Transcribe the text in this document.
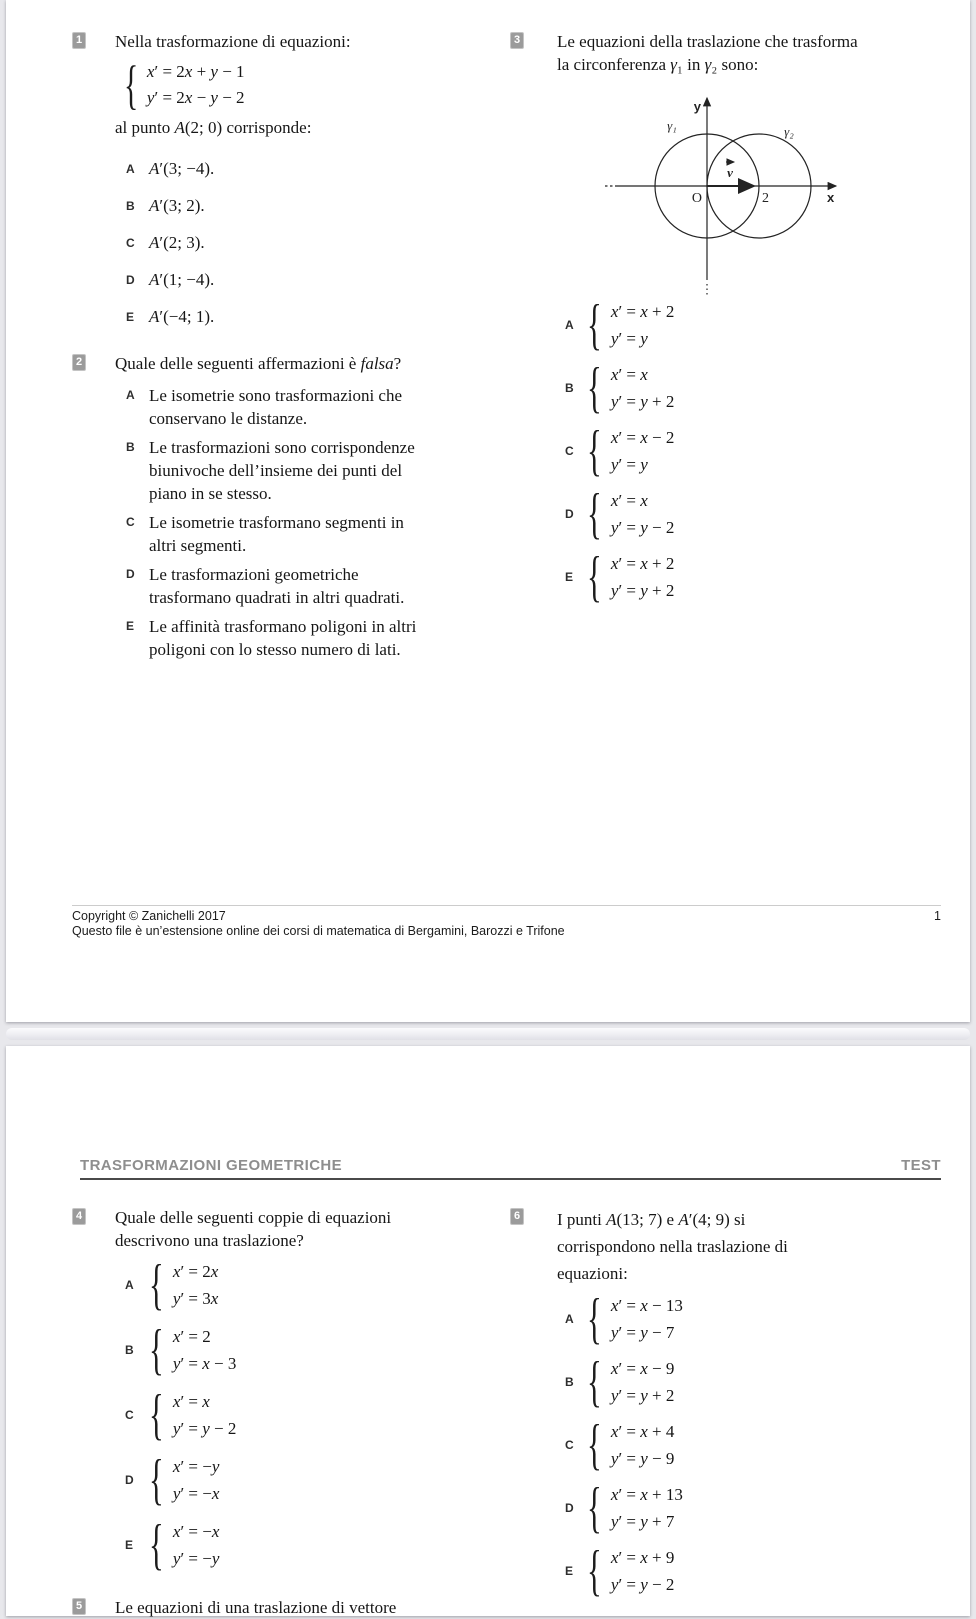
1 Nella trasformazione di equazioni:
{
x′ = 2x + y − 1
y′ = 2x − y − 2
al punto A(2; 0) corrisponde:
A A′(3; −4).
B A′(3; 2).
C A′(2; 3).
D A′(1; −4).
E A′(−4; 1).
2 Quale delle seguenti affermazioni è falsa?
A Le isometrie sono trasformazioni che
conservano le distanze.
B Le trasformazioni sono corrispondenze
biunivoche dell’insieme dei punti del
piano in se stesso.
C Le isometrie trasformano segmenti in
altri segmenti.
D Le trasformazioni geometriche
trasformano quadrati in altri quadrati.
E Le affinità trasformano poligoni in altri
poligoni con lo stesso numero di lati.
3 Le equazioni della traslazione che trasforma
la circonferenza γ₁ in γ₂ sono:
y
x
O	2
γ₁	γ₂
v
A
{
x′ = x + 2
y′ = y
B
{
x′ = x
y′ = y + 2
C
{
x′ = x − 2
y′ = y
D
{
x′ = x
y′ = y − 2
E
{
x′ = x + 2
y′ = y + 2
Copyright © Zanichelli 2017
Questo file è un’estensione online dei corsi di matematica di Bergamini, Barozzi e Trifone
1
TRASFORMAZIONI GEOMETRICHE	TEST
4 Quale delle seguenti coppie di equazioni
descrivono una traslazione?
A
{
x′ = 2x
y′ = 3x
B
{
x′ = 2
y′ = x − 3
C
{
x′ = x
y′ = y − 2
D
{
x′ = −y
y′ = −x
E
{
x′ = −x
y′ = −y
5 Le equazioni di una traslazione di vettore
6 I punti A(13; 7) e A′(4; 9) si
corrispondono nella traslazione di
equazioni:
A
{
x′ = x − 13
y′ = y − 7
B
{
x′ = x − 9
y′ = y + 2
C
{
x′ = x + 4
y′ = y − 9
D
{
x′ = x + 13
y′ = y + 7
E
{
x′ = x + 9
y′ = y − 2
